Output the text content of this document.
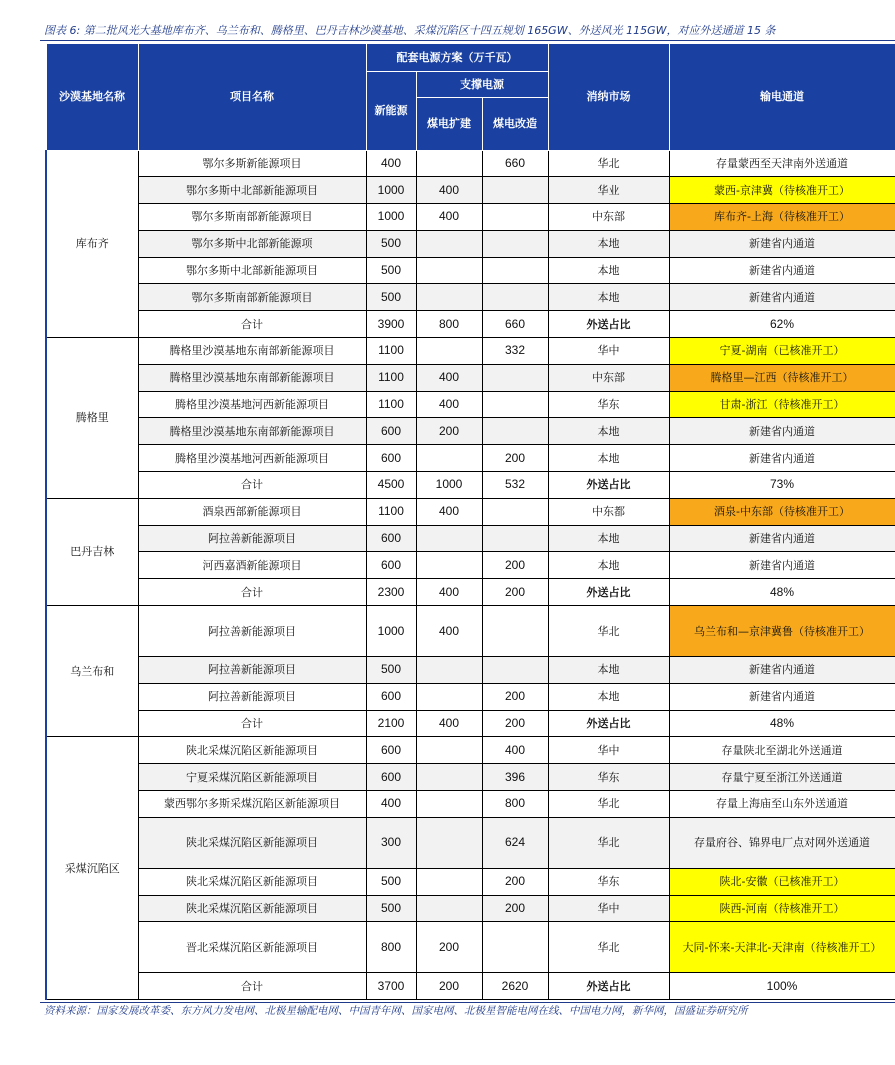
图表 6: 第二批风光大基地库布齐、乌兰布和、腾格里、巴丹吉林沙漠基地、采煤沉陷区十四五规划 165GW、外送风光 115GW，对应外送通道 15 条
沙漠基地名称	项目名称	配套电源方案（万千瓦）			消纳市场	输电通道
		新能源	支撑电源			
			煤电扩建	煤电改造		
库布齐	鄂尔多斯新能源项目	400		660	华北	存量蒙西至天津南外送通道
	鄂尔多斯中北部新能源项目	1000	400		华业	蒙西-京津冀（待核准开工）
	鄂尔多斯南部新能源项目	1000	400		中东部	库布齐-上海（待核准开工）
	鄂尔多斯中北部新能源项	500			本地	新建省内通道
	鄂尔多斯中北部新能源项目	500			本地	新建省内通道
	鄂尔多斯南部新能源项目	500			本地	新建省内通道
	合计	3900	800	660	外送占比	62%
腾格里	腾格里沙漠基地东南部新能源项目	1100		332	华中	宁夏-湖南（已核准开工）
	腾格里沙漠基地东南部新能源项目	1100	400		中东部	腾格里—江西（待核准开工）
	腾格里沙漠基地河西新能源项目	1100	400		华东	甘肃-浙江（待核准开工）
	腾格里沙漠基地东南部新能源项目	600	200		本地	新建省内通道
	腾格里沙漠基地河西新能源项目	600		200	本地	新建省内通道
	合计	4500	1000	532	外送占比	73%
巴丹吉林	酒泉西部新能源项目	1100	400		中东都	酒泉-中东部（待核准开工）
	阿拉善新能源项目	600			本地	新建省内通道
	河西嘉酒新能源项目	600		200	本地	新建省内通道
	合计	2300	400	200	外送占比	48%
乌兰布和	阿拉善新能源项目	1000	400		华北	乌兰布和—京津冀鲁（待核准开工）
	阿拉善新能源项目	500			本地	新建省内通道
	阿拉善新能源项目	600		200	本地	新建省内通道
	合计	2100	400	200	外送占比	48%
采煤沉陷区	陕北采煤沉陷区新能源项目	600		400	华中	存量陕北至湖北外送通道
	宁夏采煤沉陷区新能源项目	600		396	华东	存量宁夏至浙江外送通道
	蒙西鄂尔多斯采煤沉陷区新能源项目	400		800	华北	存量上海庙至山东外送通道
	陕北采煤沉陷区新能源项目	300		624	华北	存量府谷、锦界电厂点对网外送通道
	陕北采煤沉陷区新能源项目	500		200	华东	陕北-安徽（已核准开工）
	陕北采煤沉陷区新能源项目	500		200	华中	陕西-河南（待核准开工）
	晋北采煤沉陷区新能源项目	800	200		华北	大同-怀来-天津北-天津南（待核准开工）
	合计	3700	200	2620	外送占比	100%
资料来源：国家发展改革委、东方风力发电网、北极星输配电网、中国青年网、国家电网、北极星智能电网在线、中国电力网，新华网，国盛证券研究所
